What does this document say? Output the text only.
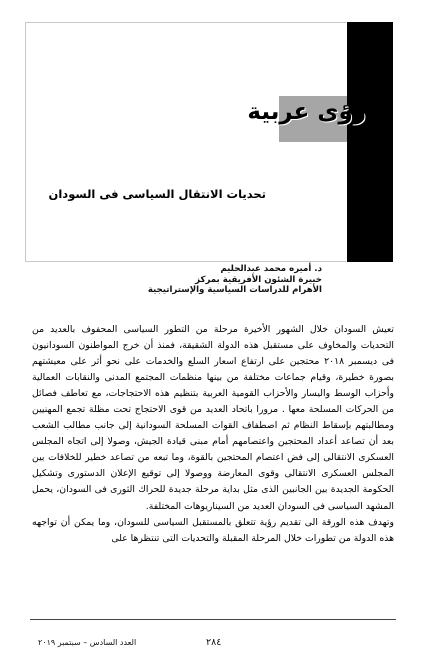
رؤى عربية
تحديات الانتقال السياسى فى السودان
د. أميره محمد عبدالحليم
خبيرة الشئون الأفريقية بمركز
الأهرام للدراسات السياسية والإستراتيجية

تعيش السودان خلال الشهور الأخيرة مرحلة من التطور السياسى المحفوف بالعديد من التحديات والمخاوف على مستقبل هذه الدولة الشقيقة، فمنذ أن خرج المواطنون السودانيون فى ديسمبر ٢٠١٨ محتجين على ارتفاع اسعار السلع والخدمات على نحو أثر على معيشتهم بصورة خطيرة، وقيام جماعات مختلفة من بينها منظمات المجتمع المدنى والنقابات العمالية وأحزاب الوسط واليسار والأحزاب القومية العربية بتنظيم هذه الاحتجاجات، مع تعاطف فصائل من الحركات المسلحة معها . مرورا باتحاد العديد من قوى الاحتجاج تحت مظلة تجمع المهنيين ومطالبتهم بإسقاط النظام ثم اصطفاف القوات المسلحة السودانية إلى جانب مطالب الشعب بعد أن تصاعد أعداد المحتجين واعتصامهم أمام مبنى قيادة الجيش، وصولا إلى اتجاه المجلس العسكرى الانتقالى إلى فض اعتصام المحتجين بالقوة، وما تبعه من تصاعد خطير للخلافات بين المجلس العسكرى الانتقالى وقوى المعارضة ووصولا إلى توقيع الإعلان الدستورى وتشكيل الحكومة الجديدة بين الجانبين الذى مثل بداية مرحلة جديدة للحراك الثورى فى السودان، يحمل المشهد السياسى فى السودان العديد من السيناريوهات المختلفة.

وتهدف هذه الورقة الى تقديم رؤية تتعلق بالمستقبل السياسى للسودان، وما يمكن أن تواجهه هذه الدولة من تطورات خلال المرحلة المقبلة والتحديات التى تنتظرها على

العدد السادس – سبتمبر ٢٠١٩	٢٨٤
